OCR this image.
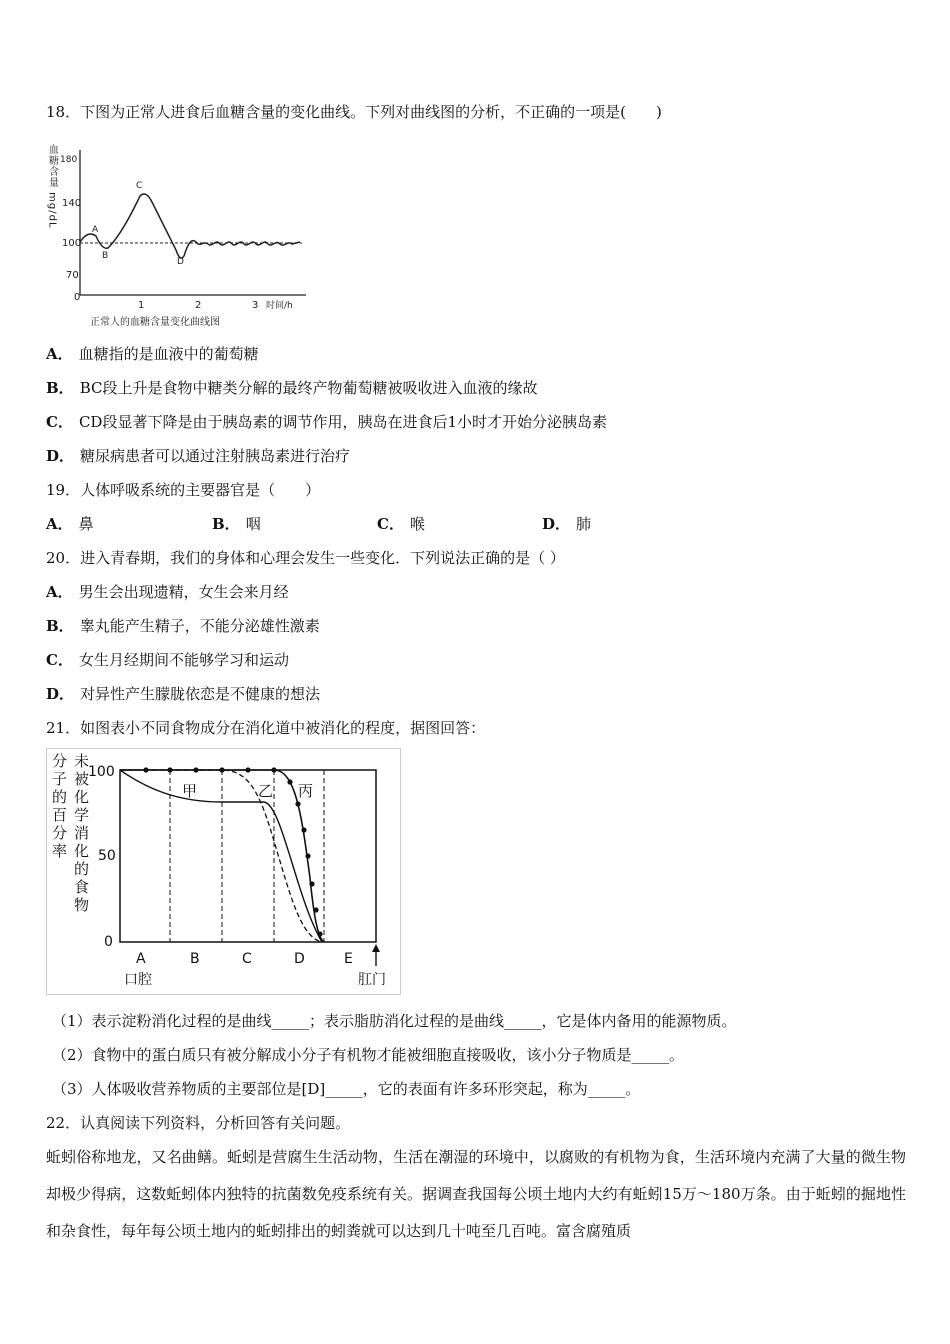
18．下图为正常人进食后血糖含量的变化曲线。下列对曲线图的分析，不正确的一项是(　　)
血糖含量 mg/dL 180
140
100
70
0
1	2	3 时间/h
A
B
C
D
正常人的血糖含量变化曲线图
A． 血糖指的是血液中的葡萄糖
B． BC段上升是食物中糖类分解的最终产物葡萄糖被吸收进入血液的缘故
C． CD段显著下降是由于胰岛素的调节作用，胰岛在进食后1小时才开始分泌胰岛素
D． 糖尿病患者可以通过注射胰岛素进行治疗
19．人体呼吸系统的主要器官是（　　）
A． 鼻	B． 咽	C． 喉	D． 肺
20．进入青春期，我们的身体和心理会发生一些变化．下列说法正确的是（ ）
A． 男生会出现遗精，女生会来月经
B． 睾丸能产生精子，不能分泌雄性激素
C． 女生月经期间不能够学习和运动
D． 对异性产生朦胧依恋是不健康的想法
21．如图表小不同食物成分在消化道中被消化的程度，据图回答：
未被化学消化的食物 分子的百分率
100
50
0
甲	乙 丙
A	B	C	D	E
口腔	肛门
（1）表示淀粉消化过程的是曲线_____；表示脂肪消化过程的是曲线_____，它是体内备用的能源物质。
（2）食物中的蛋白质只有被分解成小分子有机物才能被细胞直接吸收，该小分子物质是_____。
（3）人体吸收营养物质的主要部位是[D]_____，它的表面有许多环形突起，称为_____。
22．认真阅读下列资料，分析回答有关问题。
蚯蚓俗称地龙，又名曲鳝。蚯蚓是营腐生生活动物，生活在潮湿的环境中，以腐败的有机物为食，生活环境内充满了大量的微生物却极少得病，这数蚯蚓体内独特的抗菌数免疫系统有关。据调查我国每公顷土地内大约有蚯蚓15万～180万条。由于蚯蚓的掘地性和杂食性，每年每公顷土地内的蚯蚓排出的蚓粪就可以达到几十吨至几百吨。富含腐殖质
